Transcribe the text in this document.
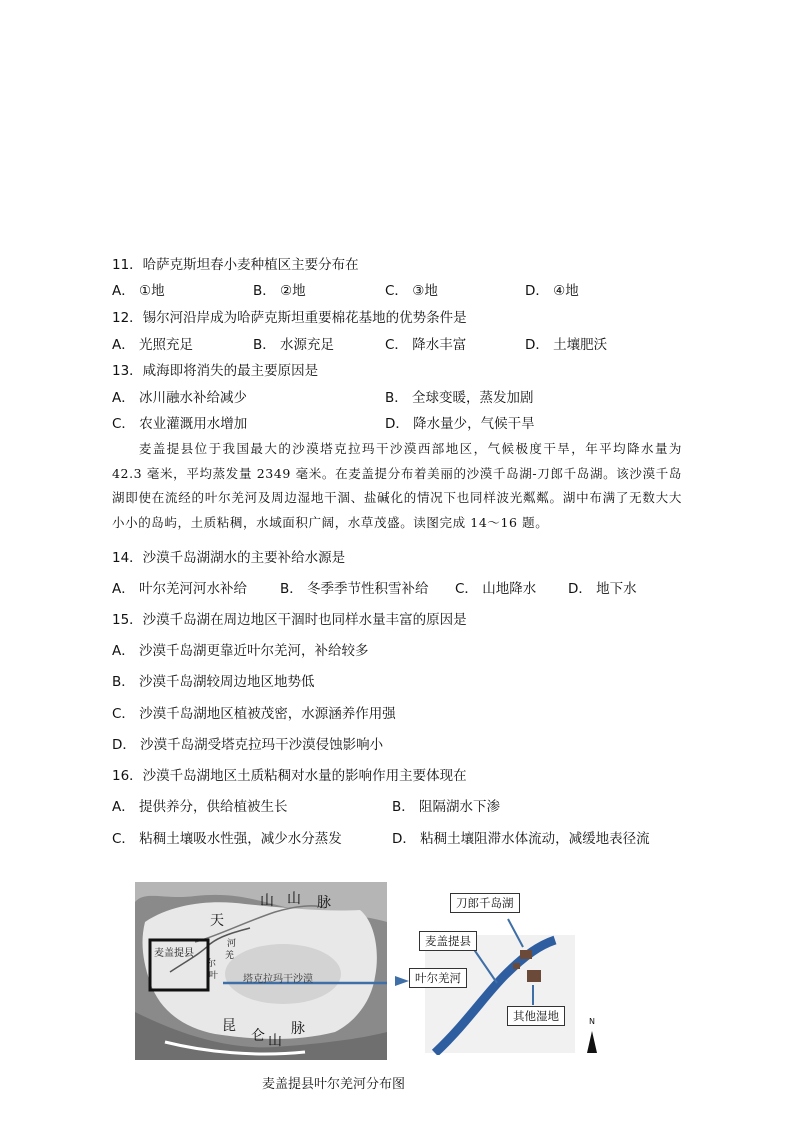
11．哈萨克斯坦春小麦种植区主要分布在
A． ①地	B． ②地	C． ③地	D． ④地
12．锡尔河沿岸成为哈萨克斯坦重要棉花基地的优势条件是
A． 光照充足	B． 水源充足	C． 降水丰富	D． 土壤肥沃
13．咸海即将消失的最主要原因是
A． 冰川融水补给减少	B． 全球变暖，蒸发加剧
C． 农业灌溉用水增加	D． 降水量少，气候干旱
麦盖提县位于我国最大的沙漠塔克拉玛干沙漠西部地区，气候极度干旱，年平均降水量为 42.3 毫米，平均蒸发量 2349 毫米。在麦盖提分布着美丽的沙漠千岛湖-刀郎千岛湖。该沙漠千岛湖即使在流经的叶尔羌河及周边湿地干涸、盐碱化的情况下也同样波光粼粼。湖中布满了无数大大小小的岛屿，土质粘稠，水域面积广阔，水草茂盛。读图完成 14～16 题。
14．沙漠千岛湖湖水的主要补给水源是
A． 叶尔羌河河水补给 B． 冬季季节性积雪补给 C． 山地降水 D． 地下水
15．沙漠千岛湖在周边地区干涸时也同样水量丰富的原因是
A． 沙漠千岛湖更靠近叶尔羌河，补给较多
B． 沙漠千岛湖较周边地区地势低
C． 沙漠千岛湖地区植被茂密，水源涵养作用强
D． 沙漠千岛湖受塔克拉玛干沙漠侵蚀影响小
16．沙漠千岛湖地区土质粘稠对水量的影响作用主要体现在
A． 提供养分，供给植被生长	B． 阻隔湖水下渗
C． 粘稠土壤吸水性强，减少水分蒸发	D． 粘稠土壤阻滞水体流动，减缓地表径流
天
山 山 脉
塔克拉玛干沙漠
麦盖提县
叶
尔
羌
河
昆
仑 山
脉
刀郎千岛湖
麦盖提县
叶尔羌河
其他湿地	N
麦盖提县叶尔羌河分布图
